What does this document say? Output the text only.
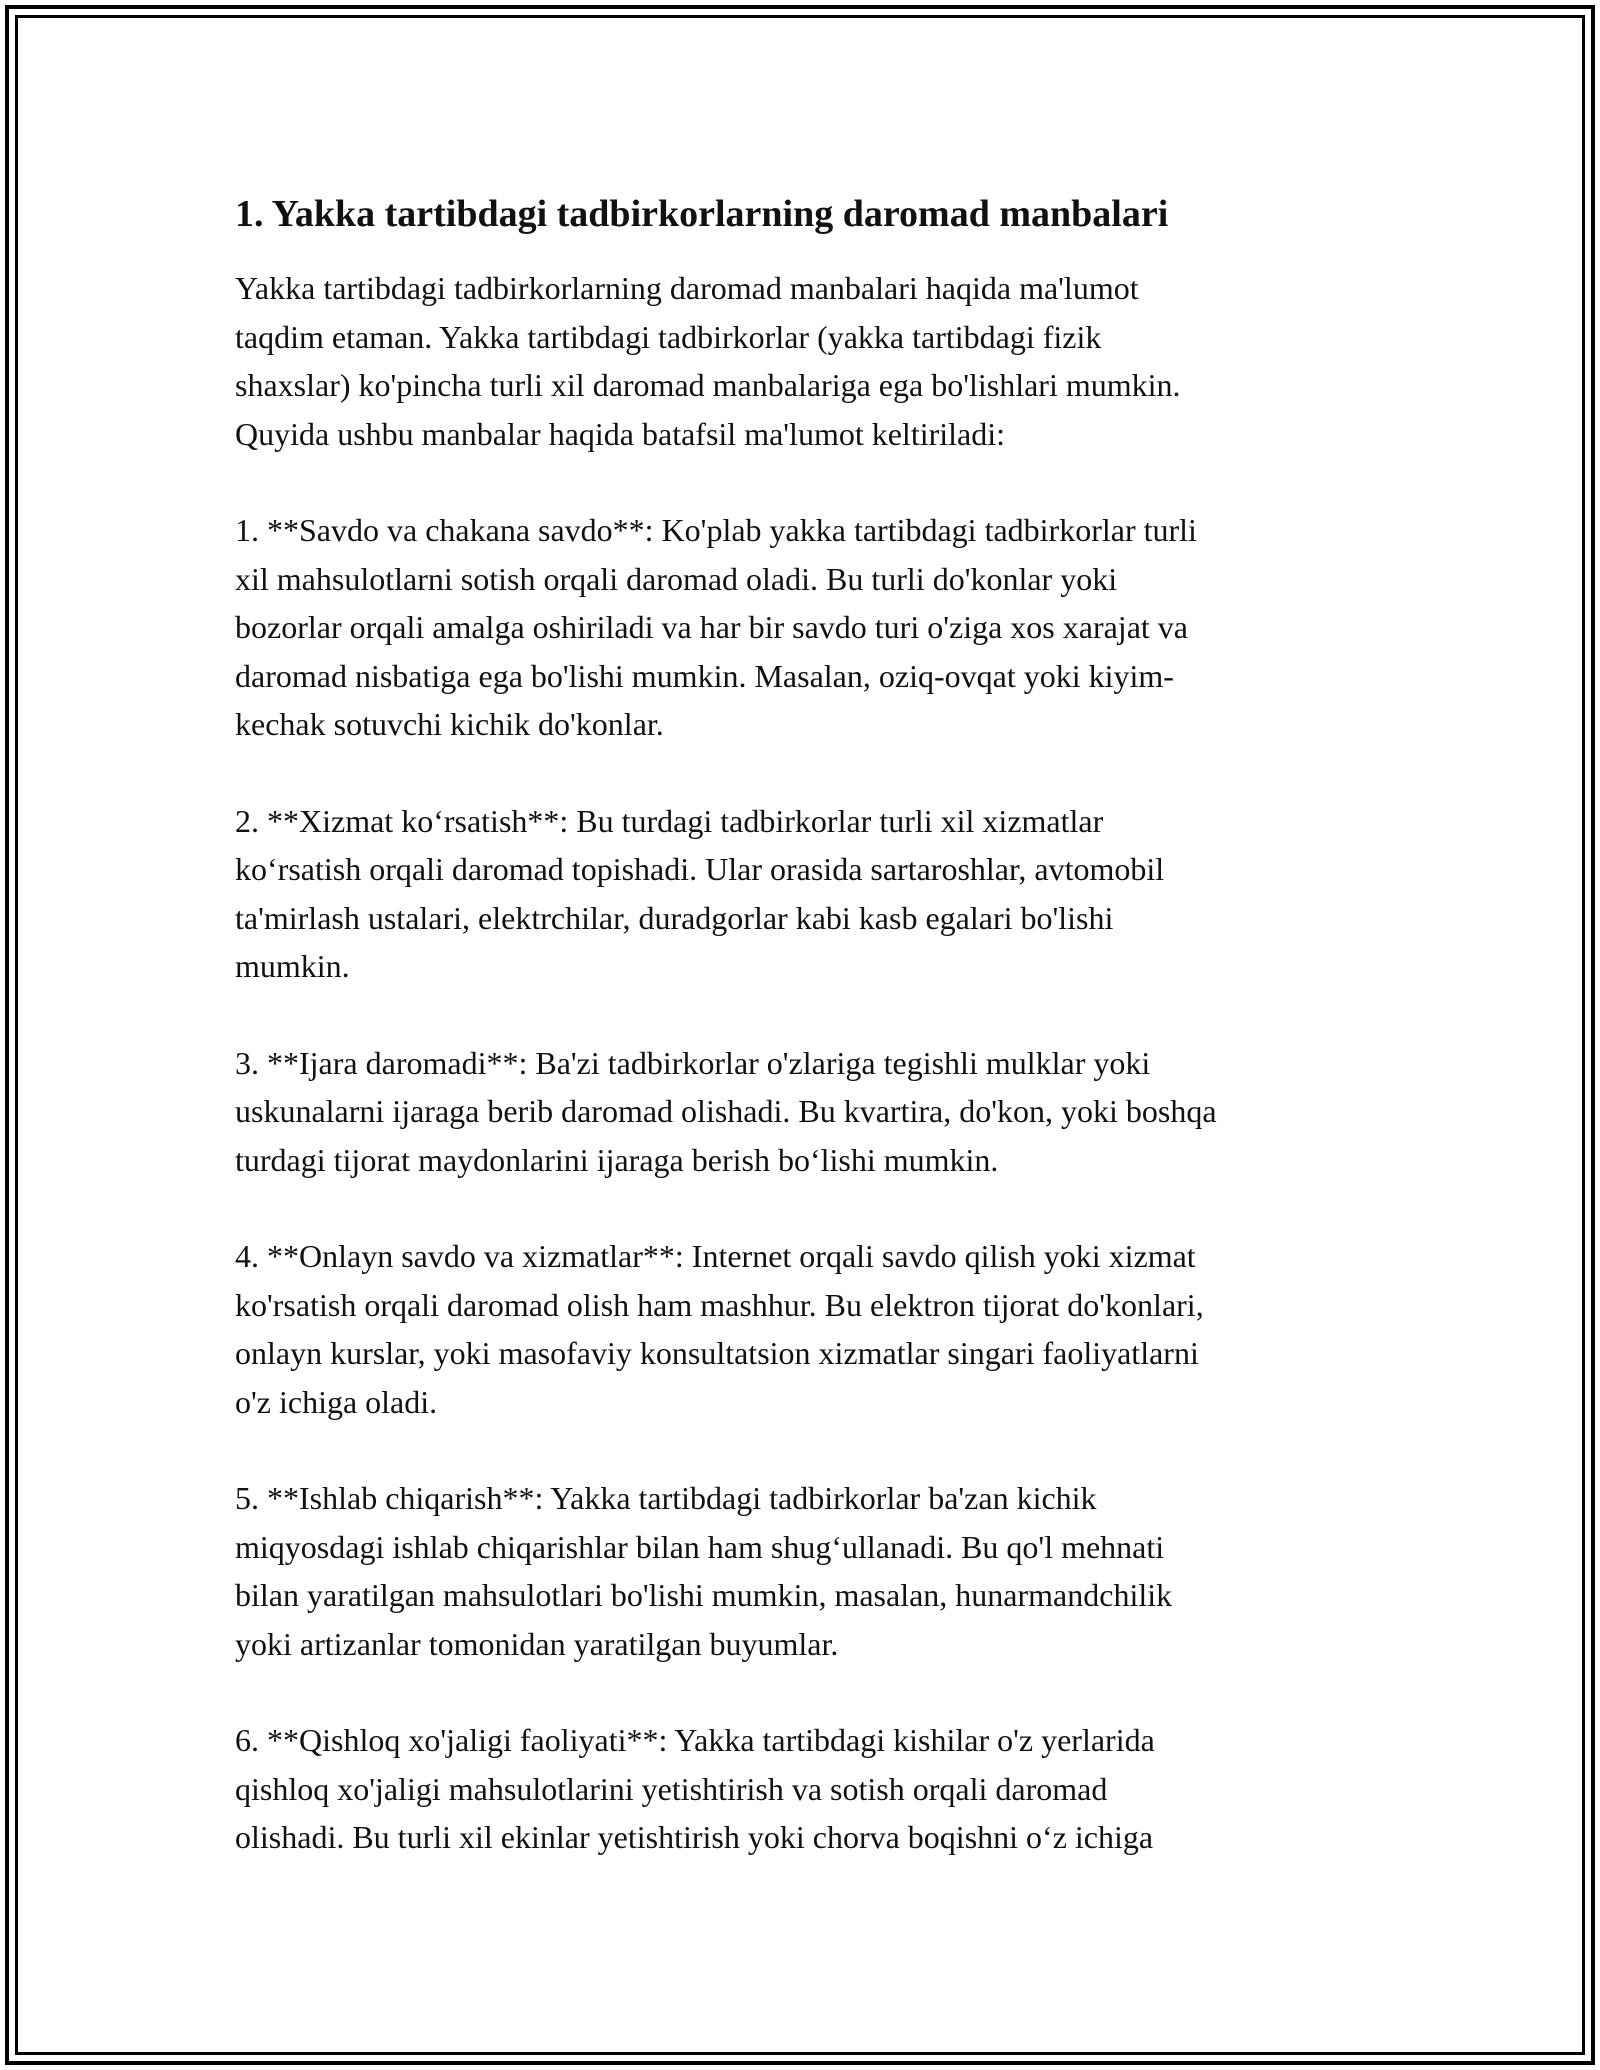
1. Yakka tartibdagi tadbirkorlarning daromad manbalari

Yakka tartibdagi tadbirkorlarning daromad manbalari haqida ma'lumot
taqdim etaman. Yakka tartibdagi tadbirkorlar (yakka tartibdagi fizik
shaxslar) ko'pincha turli xil daromad manbalariga ega bo'lishlari mumkin.
Quyida ushbu manbalar haqida batafsil ma'lumot keltiriladi:

1. **Savdo va chakana savdo**: Ko'plab yakka tartibdagi tadbirkorlar turli
xil mahsulotlarni sotish orqali daromad oladi. Bu turli do'konlar yoki
bozorlar orqali amalga oshiriladi va har bir savdo turi o'ziga xos xarajat va
daromad nisbatiga ega bo'lishi mumkin. Masalan, oziq-ovqat yoki kiyim-
kechak sotuvchi kichik do'konlar.

2. **Xizmat ko‘rsatish**: Bu turdagi tadbirkorlar turli xil xizmatlar
ko‘rsatish orqali daromad topishadi. Ular orasida sartaroshlar, avtomobil
ta'mirlash ustalari, elektrchilar, duradgorlar kabi kasb egalari bo'lishi
mumkin.

3. **Ijara daromadi**: Ba'zi tadbirkorlar o'zlariga tegishli mulklar yoki
uskunalarni ijaraga berib daromad olishadi. Bu kvartira, do'kon, yoki boshqa
turdagi tijorat maydonlarini ijaraga berish bo‘lishi mumkin.

4. **Onlayn savdo va xizmatlar**: Internet orqali savdo qilish yoki xizmat
ko'rsatish orqali daromad olish ham mashhur. Bu elektron tijorat do'konlari,
onlayn kurslar, yoki masofaviy konsultatsion xizmatlar singari faoliyatlarni
o'z ichiga oladi.

5. **Ishlab chiqarish**: Yakka tartibdagi tadbirkorlar ba'zan kichik
miqyosdagi ishlab chiqarishlar bilan ham shug‘ullanadi. Bu qo'l mehnati
bilan yaratilgan mahsulotlari bo'lishi mumkin, masalan, hunarmandchilik
yoki artizanlar tomonidan yaratilgan buyumlar.

6. **Qishloq xo'jaligi faoliyati**: Yakka tartibdagi kishilar o'z yerlarida
qishloq xo'jaligi mahsulotlarini yetishtirish va sotish orqali daromad
olishadi. Bu turli xil ekinlar yetishtirish yoki chorva boqishni o‘z ichiga
